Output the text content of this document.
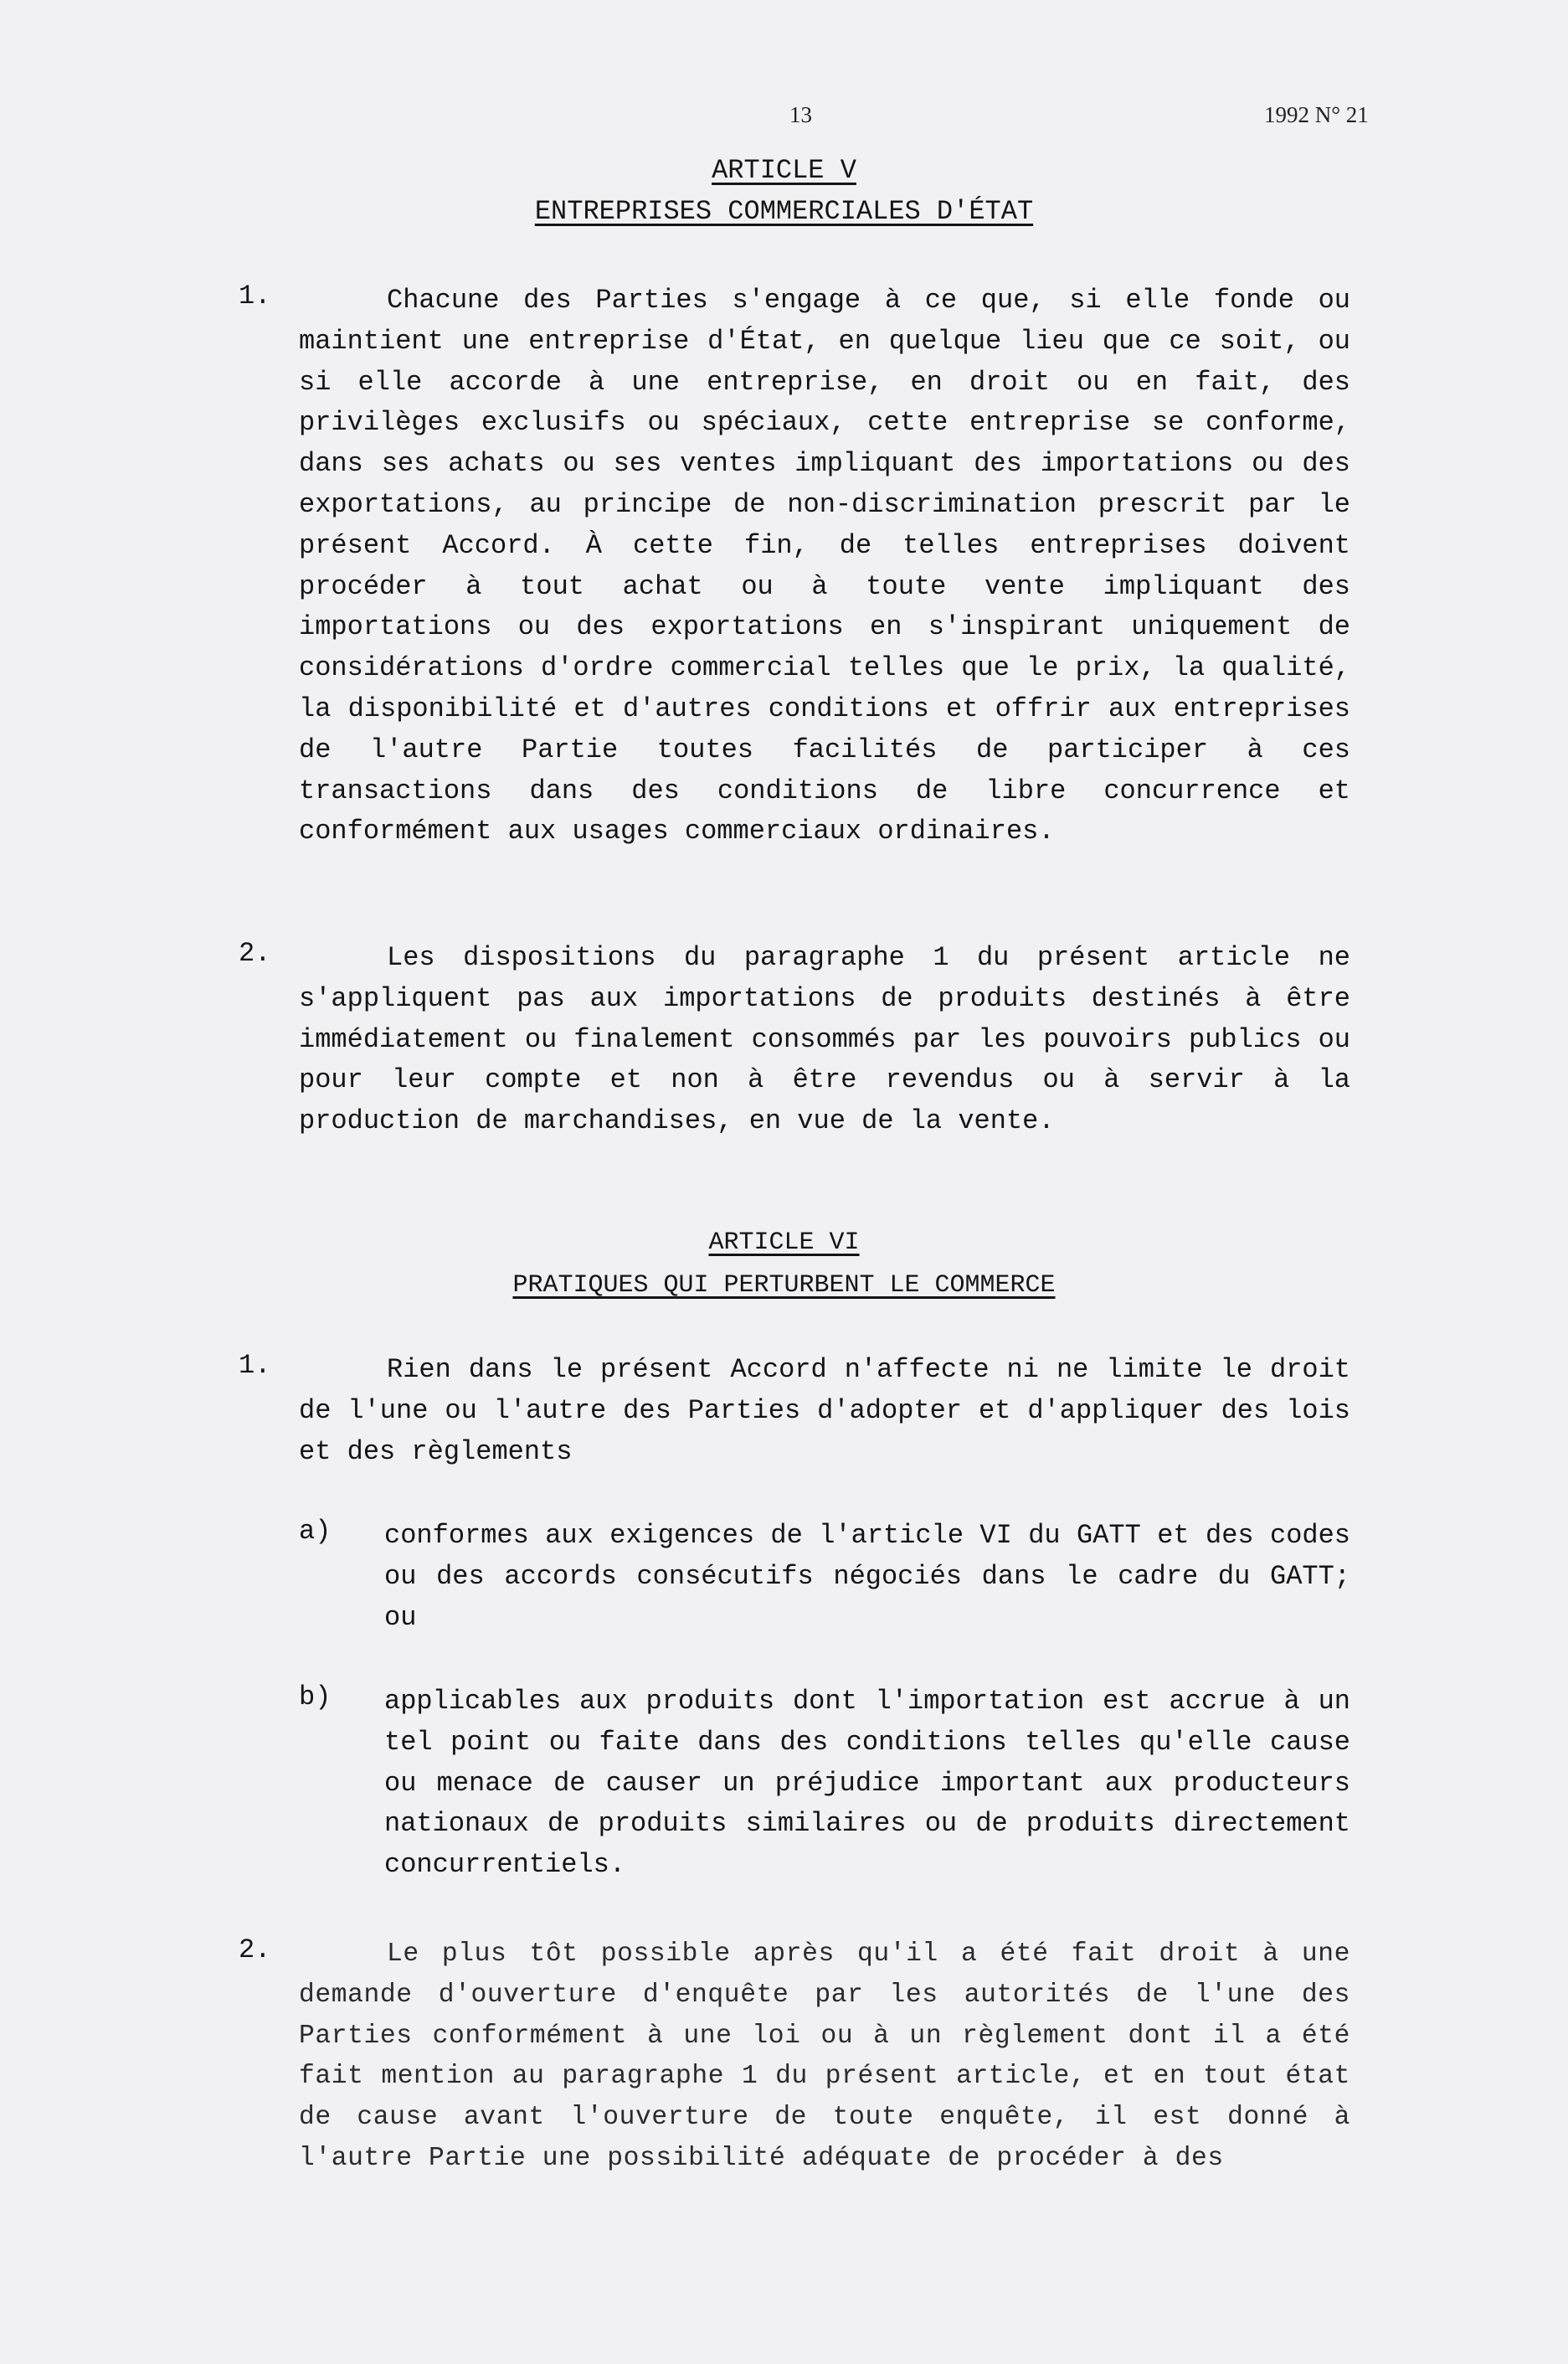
13	1992 N° 21
ARTICLE V
ENTREPRISES COMMERCIALES D'ÉTAT
1.	Chacune des Parties s'engage à ce que, si elle fonde ou maintient une entreprise d'État, en quelque lieu que ce soit, ou si elle accorde à une entreprise, en droit ou en fait, des privilèges exclusifs ou spéciaux, cette entreprise se conforme, dans ses achats ou ses ventes impliquant des importations ou des exportations, au principe de non-discrimination prescrit par le présent Accord. À cette fin, de telles entreprises doivent procéder à tout achat ou à toute vente impliquant des importations ou des exportations en s'inspirant uniquement de considérations d'ordre commercial telles que le prix, la qualité, la disponibilité et d'autres conditions et offrir aux entreprises de l'autre Partie toutes facilités de participer à ces transactions dans des conditions de libre concurrence et conformément aux usages commerciaux ordinaires.
2.	Les dispositions du paragraphe 1 du présent article ne s'appliquent pas aux importations de produits destinés à être immédiatement ou finalement consommés par les pouvoirs publics ou pour leur compte et non à être revendus ou à servir à la production de marchandises, en vue de la vente.
ARTICLE VI
PRATIQUES QUI PERTURBENT LE COMMERCE
1.	Rien dans le présent Accord n'affecte ni ne limite le droit de l'une ou l'autre des Parties d'adopter et d'appliquer des lois et des règlements
a) conformes aux exigences de l'article VI du GATT et des codes ou des accords consécutifs négociés dans le cadre du GATT; ou
b) applicables aux produits dont l'importation est accrue à un tel point ou faite dans des conditions telles qu'elle cause ou menace de causer un préjudice important aux producteurs nationaux de produits similaires ou de produits directement concurrentiels.
2.	Le plus tôt possible après qu'il a été fait droit à une demande d'ouverture d'enquête par les autorités de l'une des Parties conformément à une loi ou à un règlement dont il a été fait mention au paragraphe 1 du présent article, et en tout état de cause avant l'ouverture de toute enquête, il est donné à l'autre Partie une possibilité adéquate de procéder à des
